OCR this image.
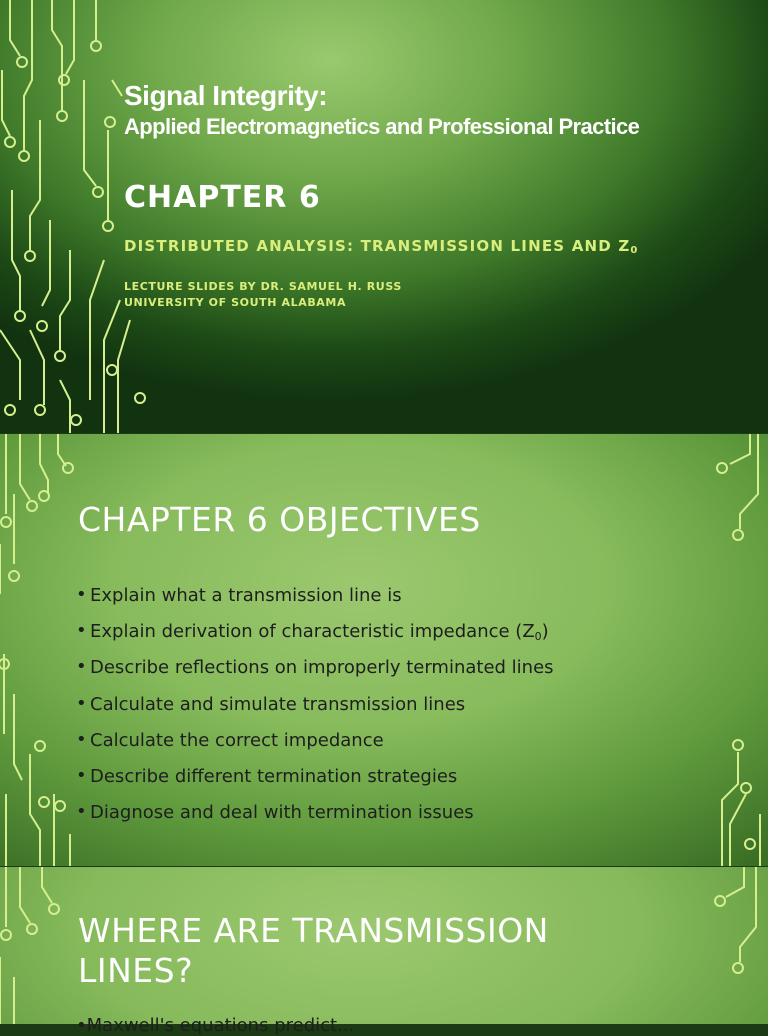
Signal Integrity:
Applied Electromagnetics and Professional Practice
CHAPTER 6
DISTRIBUTED ANALYSIS: TRANSMISSION LINES AND $Z_0$
LECTURE SLIDES BY DR. SAMUEL H. RUSS
UNIVERSITY OF SOUTH ALABAMA
CHAPTER 6 OBJECTIVES
• Explain what a transmission line is
• Explain derivation of characteristic impedance $(Z_0)$
• Describe reflections on improperly terminated lines
• Calculate and simulate transmission lines
• Calculate the correct impedance
• Describe different termination strategies
• Diagnose and deal with termination issues
WHERE ARE TRANSMISSION
LINES?
•Maxwell's equations predict...
